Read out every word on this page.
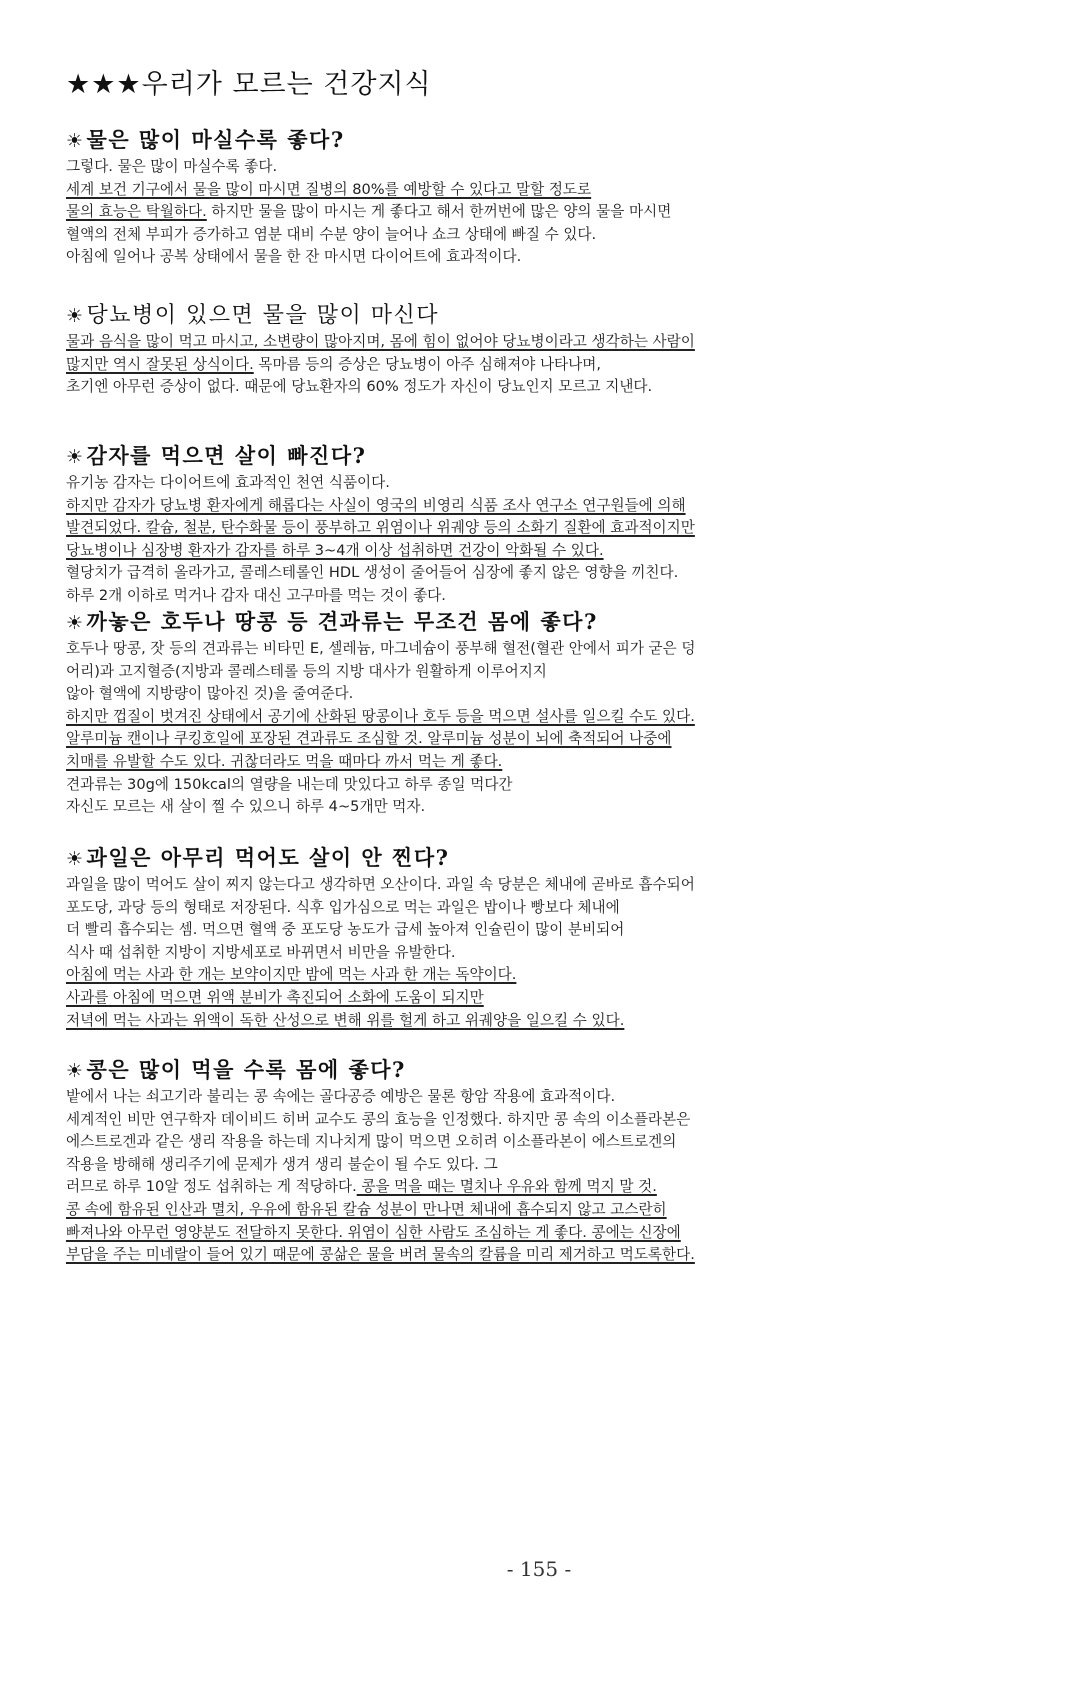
★★★우리가 모르는 건강지식
☀물은 많이 마실수록 좋다?
그렇다. 물은 많이 마실수록 좋다.
세계 보건 기구에서 물을 많이 마시면 질병의 80%를 예방할 수 있다고 말할 정도로
물의 효능은 탁월하다. 하지만 물을 많이 마시는 게 좋다고 해서 한꺼번에 많은 양의 물을 마시면
혈액의 전체 부피가 증가하고 염분 대비 수분 양이 늘어나 쇼크 상태에 빠질 수 있다.
아침에 일어나 공복 상태에서 물을 한 잔 마시면 다이어트에 효과적이다.
☀당뇨병이 있으면 물을 많이 마신다
물과 음식을 많이 먹고 마시고, 소변량이 많아지며, 몸에 힘이 없어야 당뇨병이라고 생각하는 사람이
많지만 역시 잘못된 상식이다. 목마름 등의 증상은 당뇨병이 아주 심해져야 나타나며,
초기엔 아무런 증상이 없다. 때문에 당뇨환자의 60% 정도가 자신이 당뇨인지 모르고 지낸다.
☀감자를 먹으면 살이 빠진다?
유기농 감자는 다이어트에 효과적인 천연 식품이다.
하지만 감자가 당뇨병 환자에게 해롭다는 사실이 영국의 비영리 식품 조사 연구소 연구원들에 의해
발견되었다. 칼슘, 철분, 탄수화물 등이 풍부하고 위염이나 위궤양 등의 소화기 질환에 효과적이지만
당뇨병이나 심장병 환자가 감자를 하루 3~4개 이상 섭취하면 건강이 악화될 수 있다.
혈당치가 급격히 올라가고, 콜레스테롤인 HDL 생성이 줄어들어 심장에 좋지 않은 영향을 끼친다.
하루 2개 이하로 먹거나 감자 대신 고구마를 먹는 것이 좋다.
☀까놓은 호두나 땅콩 등 견과류는 무조건 몸에 좋다?
호두나 땅콩, 잣 등의 견과류는 비타민 E, 셀레늄, 마그네슘이 풍부해 혈전(혈관 안에서 피가 굳은 덩
어리)과 고지혈증(지방과 콜레스테롤 등의 지방 대사가 원활하게 이루어지지
않아 혈액에 지방량이 많아진 것)을 줄여준다.
하지만 껍질이 벗겨진 상태에서 공기에 산화된 땅콩이나 호두 등을 먹으면 설사를 일으킬 수도 있다.
알루미늄 캔이나 쿠킹호일에 포장된 견과류도 조심할 것. 알루미늄 성분이 뇌에 축적되어 나중에
치매를 유발할 수도 있다. 귀찮더라도 먹을 때마다 까서 먹는 게 좋다.
견과류는 30g에 150kcal의 열량을 내는데 맛있다고 하루 종일 먹다간
자신도 모르는 새 살이 찔 수 있으니 하루 4~5개만 먹자.
☀과일은 아무리 먹어도 살이 안 찐다?
과일을 많이 먹어도 살이 찌지 않는다고 생각하면 오산이다. 과일 속 당분은 체내에 곧바로 흡수되어
포도당, 과당 등의 형태로 저장된다. 식후 입가심으로 먹는 과일은 밥이나 빵보다 체내에
더 빨리 흡수되는 셈. 먹으면 혈액 중 포도당 농도가 급세 높아져 인슐린이 많이 분비되어
식사 때 섭취한 지방이 지방세포로 바뀌면서 비만을 유발한다.
아침에 먹는 사과 한 개는 보약이지만 밤에 먹는 사과 한 개는 독약이다.
사과를 아침에 먹으면 위액 분비가 촉진되어 소화에 도움이 되지만
저녁에 먹는 사과는 위액이 독한 산성으로 변해 위를 헐게 하고 위궤양을 일으킬 수 있다.
☀콩은 많이 먹을 수록 몸에 좋다?
밭에서 나는 쇠고기라 불리는 콩 속에는 골다공증 예방은 물론 항암 작용에 효과적이다.
세계적인 비만 연구학자 데이비드 히버 교수도 콩의 효능을 인정했다. 하지만 콩 속의 이소플라본은
에스트로겐과 같은 생리 작용을 하는데 지나치게 많이 먹으면 오히려 이소플라본이 에스트로겐의
작용을 방해해 생리주기에 문제가 생겨 생리 불순이 될 수도 있다. 그
러므로 하루 10알 정도 섭취하는 게 적당하다. 콩을 먹을 때는 멸치나 우유와 함께 먹지 말 것.
콩 속에 함유된 인산과 멸치, 우유에 함유된 칼슘 성분이 만나면 체내에 흡수되지 않고 고스란히
빠져나와 아무런 영양분도 전달하지 못한다. 위염이 심한 사람도 조심하는 게 좋다. 콩에는 신장에
부담을 주는 미네랄이 들어 있기 때문에 콩삶은 물을 버려 물속의 칼륨을 미리 제거하고 먹도록한다.
- 155 -
